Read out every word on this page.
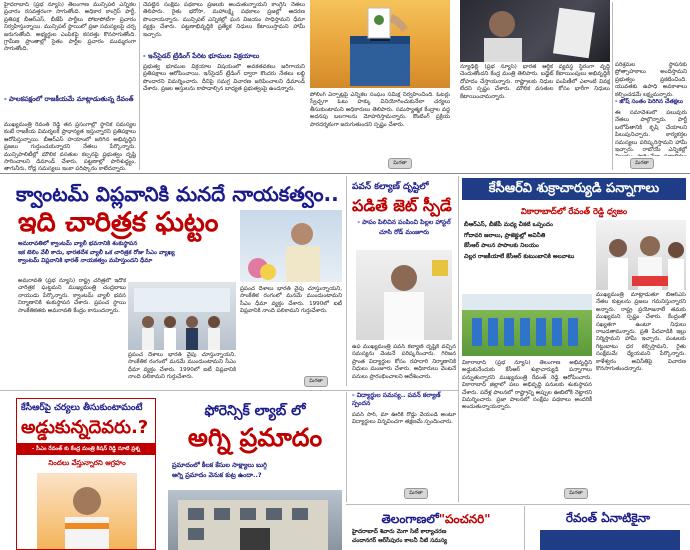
హైదరాబాద్ (ప్రభ న్యూస్) తెలంగాణ మున్సిపల్ ఎన్నికల ప్రచారం రసవత్తరంగా సాగుతోంది. అధికార కాంగ్రెస్ పార్టీ, ప్రతిపక్ష బీఆర్ఎస్, బీజేపీ పార్టీలు పోటాపోటీగా ప్రచారం నిర్వహిస్తున్నాయి. మున్సిపల్ స్థాయిలో ప్రజా సమస్యలపై చర్చ జరుగుతోంది. అభ్యర్థుల ఎంపికపై కసరత్తు కొనసాగుతోంది. గ్రామీణ ప్రాంతాల్లో సైతం పార్టీల ప్రచారం ముమ్మరంగా సాగుతోంది.
- పాలకపక్షంలో రాజకీయమే మాట్లాడుతున్న రేవంత్
ముఖ్యమంత్రి రేవంత్ రెడ్డి తన ప్రసంగాల్లో స్థానిక సమస్యల కంటే రాజకీయ విమర్శలకే ప్రాధాన్యత ఇస్తున్నారని ప్రతిపక్షాలు ఆరోపిస్తున్నాయి. బీఆర్ఎస్ హయాంలో జరిగిన అభివృద్ధిని ప్రజలు గుర్తుంచుకున్నారని నేతలు పేర్కొన్నారు. మున్సిపాలిటీల్లో మౌలిక వసతుల కల్పనపై ప్రభుత్వం దృష్టి సారించాలని డిమాండ్ చేశారు. పట్టణాల్లో పారిశుద్ధ్యం, తాగునీరు, రోడ్ల సమస్యలు ఇంకా పరిష్కారం కాలేదన్నారు.
చేపట్టిన సంక్షేమ పథకాలు ప్రజలకు అందుతున్నాయని కాంగ్రెస్ నేతలు తెలిపారు. రైతు భరోసా, మహాలక్ష్మి పథకాలు ప్రజల్లో ఆదరణ పొందాయన్నారు. మున్సిపల్ ఎన్నికల్లో ఘన విజయం సాధిస్తామని ధీమా వ్యక్తం చేశారు. పట్టణాభివృద్ధికి ప్రత్యేక నిధులు కేటాయిస్తామని హామీ ఇచ్చారు.
- ఇన్‌సైడర్ ట్రేడింగ్ పేరిట భూముల విక్రయాలు
ప్రభుత్వ భూముల విక్రయాల విషయంలో అవకతవకలు జరిగాయని ప్రతిపక్షాలు ఆరోపించాయి. ఇన్‌సైడర్ ట్రేడింగ్ ద్వారా కొందరు నేతలు లబ్ధి పొందారని విమర్శించారు. దీనిపై సమగ్ర విచారణ జరిపించాలని డిమాండ్ చేశారు. ప్రజల ఆస్తులను కాపాడాల్సిన బాధ్యత ప్రభుత్వంపై ఉందన్నారు.
పోలింగ్ ఏర్పాట్లపై ఎన్నికల సంఘం సమీక్ష నిర్వహించింది. ఓటర్లు స్వేచ్ఛగా ఓటు హక్కు వినియోగించుకునేలా చర్యలు తీసుకుంటామని అధికారులు తెలిపారు. సమస్యాత్మక కేంద్రాల వద్ద అదనపు బలగాలను మోహరిస్తామన్నారు. కౌంటింగ్ ప్రక్రియ పారదర్శకంగా జరుగుతుందని స్పష్టం చేశారు.
మిగతా
న్యూఢిల్లీ (ప్రభ న్యూస్) భారత ఆర్థిక వ్యవస్థ స్థిరంగా వృద్ధి చెందుతోందని కేంద్ర మంత్రి తెలిపారు. బడ్జెట్ కేటాయింపులు అభివృద్ధికి దోహదం చేస్తాయన్నారు. రాష్ట్రాలకు నిధుల పంపిణీలో ఎలాంటి వివక్ష లేదని స్పష్టం చేశారు. మౌలిక వసతుల కోసం భారీగా నిధులు కేటాయించామన్నారు.
పరిశ్రమల స్థాపనకు ప్రోత్సాహకాలు అందిస్తామని ప్రభుత్వం ప్రకటించింది. యువతకు ఉపాధి అవకాశాలు కల్పించడమే లక్ష్యమన్నారు.
- జోష్ సంతం పెరిగిన చేతక్షలు
ఈ సమావేశంలో పలువురు నేతలు పాల్గొన్నారు. పార్టీ బలోపేతానికి కృషి చేయాలని పిలుపునిచ్చారు. కార్యకర్తల సమస్యలు పరిష్కరిస్తామని హామీ ఇచ్చారు. రాబోయే ఎన్నికల్లో
మిగతా
క్వాంటమ్ విప్లవానికి మనదే నాయకత్వం..
ఇది చారిత్రక ఘట్టం
అమరావతిలో క్వాంటమ్ వ్యాలీ భవనానికి శంకుస్థాపన
ఇక టెలిం వేలీ కాదు, భారతదేశ వ్యాలీ ఒక చారిత్రక రోజు సీఎం వ్యాఖ్య
క్వాంటమ్ విప్లవానికి భారత్ నాయకత్వం మహిస్తుందని ధీమా
అమరావతి (ప్రభ న్యూస్) రాష్ట్ర చరిత్రలో ఇదొక చారిత్రక ఘట్టమని ముఖ్యమంత్రి చంద్రబాబు నాయుడు పేర్కొన్నారు. క్వాంటమ్ వ్యాలీ భవన నిర్మాణానికి శంకుస్థాపన చేశారు. ప్రపంచ స్థాయి సాంకేతికతకు అమరావతి కేంద్రం కానుందన్నారు.
ప్రపంచ దేశాలు భారత్ వైపు చూస్తున్నాయని, సాంకేతిక రంగంలో మనమే ముందుంటామని సీఎం ధీమా వ్యక్తం చేశారు. 1990లో ఐటీ విప్లవానికి నాంది పలికామని గుర్తుచేశారు.
ప్రపంచ దేశాలు భారత్ వైపు చూస్తున్నాయని, సాంకేతిక రంగంలో మనమే ముందుంటామని సీఎం ధీమా వ్యక్తం చేశారు. 1990లో ఐటీ విప్లవానికి నాంది పలికామని గుర్తుచేశారు.
మిగతా
పవన్ కల్యాణ్ దృష్టిలో
పడితే జెట్ స్పీడే
- పాపం పిలిచిన పంపించి పిల్లల హాస్టల్ చూసి రోడ్ మంజూరు
ఉప ముఖ్యమంత్రి పవన్ కల్యాణ్ దృష్టికి వచ్చిన సమస్యను వెంటనే పరిష్కరించారు. గిరిజన ప్రాంత విద్యార్థుల కోసం రహదారి నిర్మాణానికి నిధులు మంజూరు చేశారు. అధికారులు వెంటనే పనులు ప్రారంభించాలని ఆదేశించారు.
కేసీఆర్‌వి శుక్రాచార్యుడి పన్నాగాలు
వికారాబాద్‌లో రేవంత్ రెడ్డి ధ్వజం
బీఆర్ఎస్, బీజేపీ మధ్య చీకటి ఒప్పందం
గోదావరి జలాలు, ప్రాజెక్టుల్లో అవినీతి
కేసీఆర్ పాలన పాపాలకు నిలయం
చిల్లర రాజకీయాలే కేసీఆర్ కుటుంబానికి అలవాటు
ముఖ్యమంత్రి మాట్లాడుతూ బీఆర్ఎస్ నేతల కుట్రలను ప్రజలు గమనిస్తున్నారని అన్నారు. రాష్ట్ర ప్రయోజనాలే తమకు ముఖ్యమని స్పష్టం చేశారు. కేంద్రంతో సఖ్యతగా ఉంటూ నిధులు రాబడతామన్నారు. ప్రతి పేదవాడికి ఇల్లు నిర్మిస్తామని హామీ ఇచ్చారు. పంటలకు గిట్టుబాటు ధర కల్పిస్తామని, రైతు సంక్షేమమే ధ్యేయమని పేర్కొన్నారు. కాళేశ్వరం అవినీతిపై విచారణ కొనసాగుతుందన్నారు.
వికారాబాద్ (ప్రభ న్యూస్) తెలంగాణ అభివృద్ధిని అడ్డుకునేందుకు కేసీఆర్ శుక్రాచార్యుడి పన్నాగాలు పన్నుతున్నారని ముఖ్యమంత్రి రేవంత్ రెడ్డి ఆరోపించారు. వికారాబాద్ జిల్లాలో పలు అభివృద్ధి పనులకు శంకుస్థాపన చేశారు. పదేళ్ల పాలనలో రాష్ట్రాన్ని అప్పుల ఊబిలోకి నెట్టారని విమర్శించారు. ప్రజా పాలనలో సంక్షేమ పథకాలు అందరికీ అందుతున్నాయన్నారు.
మిగతా
కేసీఆర్‌పై చర్యలు తీసుకుంటామంటే
అడ్డుకున్నదెవరు.?
- సీఎం రేవంత్ కు కేంద్ర మంత్రి కిషన్ రెడ్డి సూటి ప్రశ్న
నిందలు వేస్తున్నారని ఆగ్రహం
ఫోరెన్సిక్ ల్యాబ్ లో
అగ్ని ప్రమాదం
ప్రమాదంలో కీలక కేసుల సాక్ష్యాలు బుగ్గి
అగ్ని ప్రమాదం వెనుక కుట్ర ఉందా..?
- విద్యార్థుల సమస్య.. పవన్ కల్యాణ్ స్పందన
పవన్ సార్, మా ఊరికి రోడ్డు వేయండి అంటూ విద్యార్థులు విన్నవించగా తక్షణమే స్పందించారు.
మిగతా
తెలంగాణలో"పంచనరి"
హైదరాబాద్ శివారు మెగా సిటీ కార్యాచరణ
చందానగర్ ఆర్‌సీపురం కాలనీ నీటి సమస్య
రేవంత్ ఏనాటికైనా
